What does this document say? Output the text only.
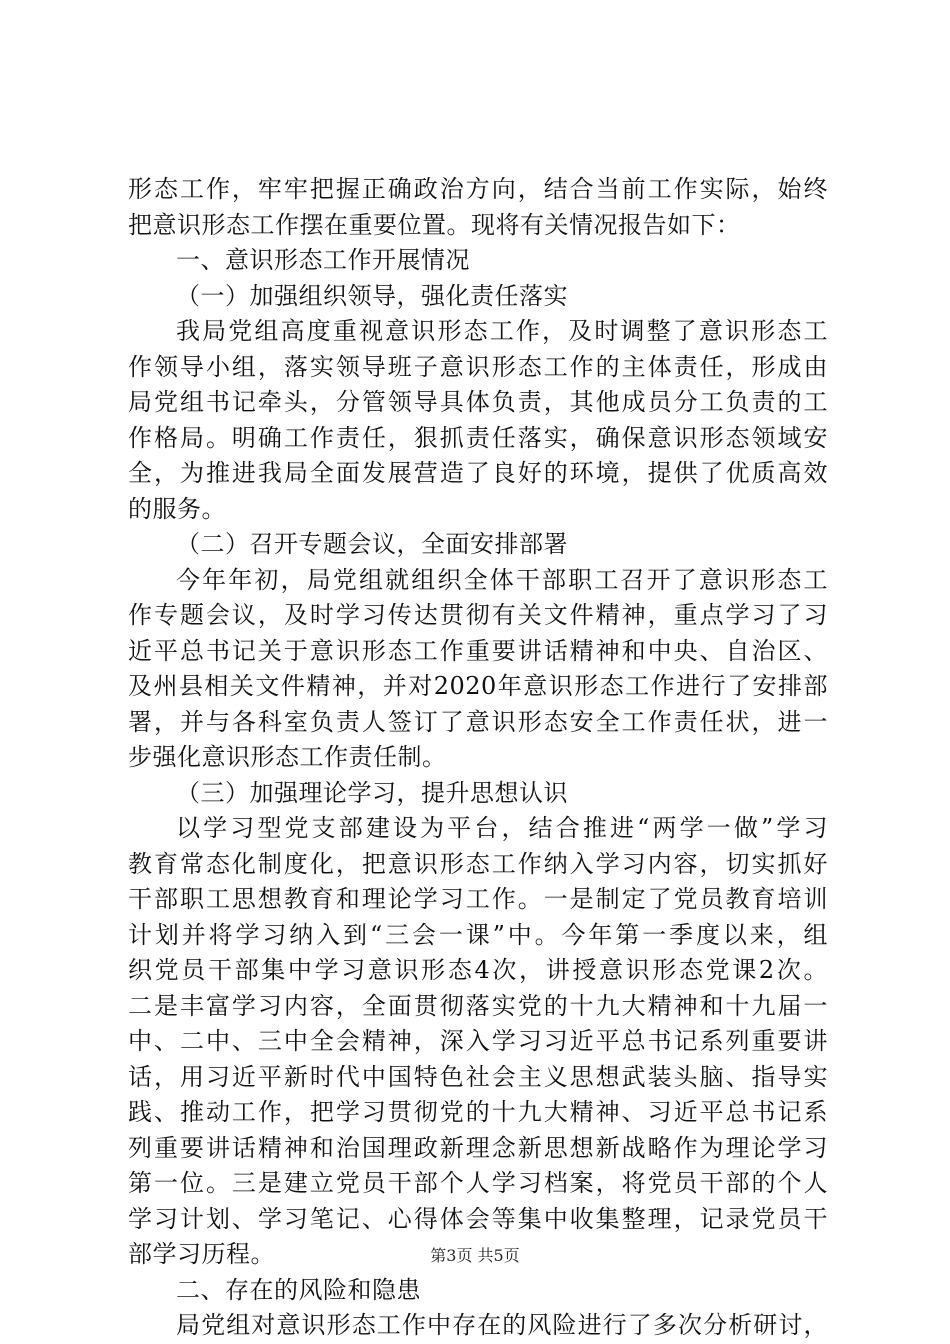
形态工作，牢牢把握正确政治方向，结合当前工作实际，始终
把意识形态工作摆在重要位置。现将有关情况报告如下：
一、意识形态工作开展情况
（一）加强组织领导，强化责任落实
我局党组高度重视意识形态工作，及时调整了意识形态工
作领导小组，落实领导班子意识形态工作的主体责任，形成由
局党组书记牵头，分管领导具体负责，其他成员分工负责的工
作格局。明确工作责任，狠抓责任落实，确保意识形态领域安
全，为推进我局全面发展营造了良好的环境，提供了优质高效
的服务。
（二）召开专题会议，全面安排部署
今年年初，局党组就组织全体干部职工召开了意识形态工
作专题会议，及时学习传达贯彻有关文件精神，重点学习了习
近平总书记关于意识形态工作重要讲话精神和中央、自治区、
及州县相关文件精神，并对2020年意识形态工作进行了安排部
署，并与各科室负责人签订了意识形态安全工作责任状，进一
步强化意识形态工作责任制。
（三）加强理论学习，提升思想认识
以学习型党支部建设为平台，结合推进“两学一做”学习
教育常态化制度化，把意识形态工作纳入学习内容，切实抓好
干部职工思想教育和理论学习工作。一是制定了党员教育培训
计划并将学习纳入到“三会一课”中。今年第一季度以来，组
织党员干部集中学习意识形态4次，讲授意识形态党课2次。
二是丰富学习内容，全面贯彻落实党的十九大精神和十九届一
中、二中、三中全会精神，深入学习习近平总书记系列重要讲
话，用习近平新时代中国特色社会主义思想武装头脑、指导实
践、推动工作，把学习贯彻党的十九大精神、习近平总书记系
列重要讲话精神和治国理政新理念新思想新战略作为理论学习
第一位。三是建立党员干部个人学习档案，将党员干部的个人
学习计划、学习笔记、心得体会等集中收集整理，记录党员干
部学习历程。
二、存在的风险和隐患
局党组对意识形态工作中存在的风险进行了多次分析研讨，
第3页 共5页
